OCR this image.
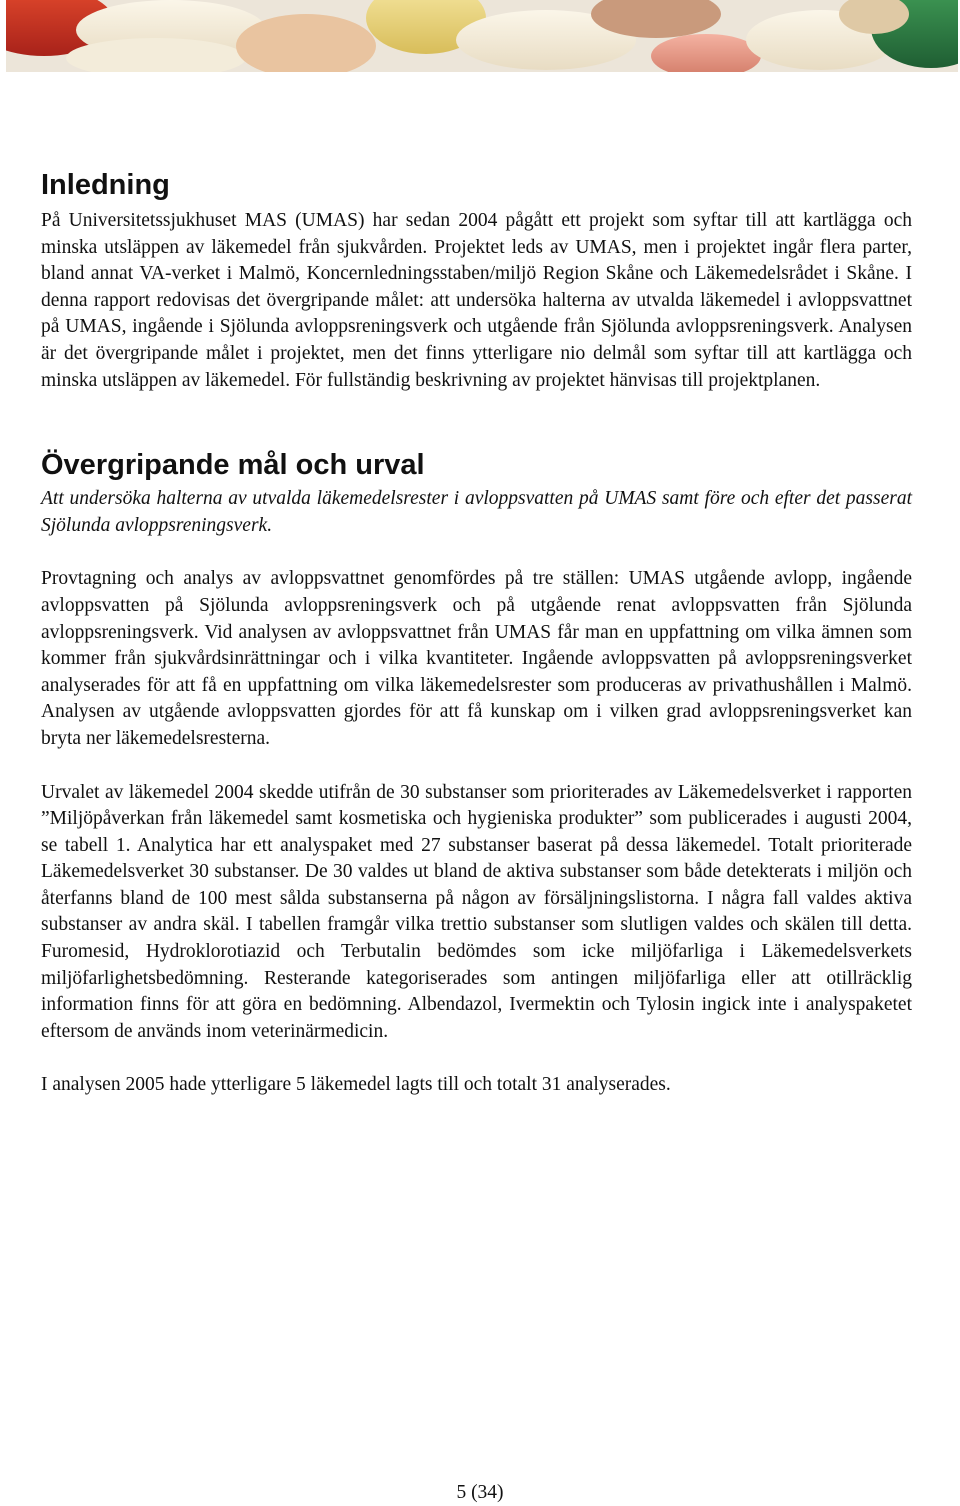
Inledning

På Universitetssjukhuset MAS (UMAS) har sedan 2004 pågått ett projekt som syftar till att kartlägga och minska utsläppen av läkemedel från sjukvården. Projektet leds av UMAS, men i projektet ingår flera parter, bland annat VA-verket i Malmö, Koncernledningsstaben/miljö Region Skåne och Läkemedelsrådet i Skåne. I denna rapport redovisas det övergripande målet: att undersöka halterna av utvalda läkemedel i avloppsvattnet på UMAS, ingående i Sjölunda avloppsreningsverk och utgående från Sjölunda avloppsreningsverk. Analysen är det övergripande målet i projektet, men det finns ytterligare nio delmål som syftar till att kartlägga och minska utsläppen av läkemedel. För fullständig beskrivning av projektet hänvisas till projektplanen.

Övergripande mål och urval

Att undersöka halterna av utvalda läkemedelsrester i avloppsvatten på UMAS samt före och efter det passerat Sjölunda avloppsreningsverk.

Provtagning och analys av avloppsvattnet genomfördes på tre ställen: UMAS utgående avlopp, ingående avloppsvatten på Sjölunda avloppsreningsverk och på utgående renat avloppsvatten från Sjölunda avloppsreningsverk. Vid analysen av avloppsvattnet från UMAS får man en uppfattning om vilka ämnen som kommer från sjukvårdsinrättningar och i vilka kvantiteter. Ingående avloppsvatten på avloppsreningsverket analyserades för att få en uppfattning om vilka läkemedelsrester som produceras av privathushållen i Malmö. Analysen av utgående avloppsvatten gjordes för att få kunskap om i vilken grad avloppsreningsverket kan bryta ner läkemedelsresterna.

Urvalet av läkemedel 2004 skedde utifrån de 30 substanser som prioriterades av Läkemedelsverket i rapporten ”Miljöpåverkan från läkemedel samt kosmetiska och hygieniska produkter” som publicerades i augusti 2004, se tabell 1. Analytica har ett analyspaket med 27 substanser baserat på dessa läkemedel. Totalt prioriterade Läkemedelsverket 30 substanser. De 30 valdes ut bland de aktiva substanser som både detekterats i miljön och återfanns bland de 100 mest sålda substanserna på någon av försäljningslistorna. I några fall valdes aktiva substanser av andra skäl. I tabellen framgår vilka trettio substanser som slutligen valdes och skälen till detta. Furomesid, Hydroklorotiazid och Terbutalin bedömdes som icke miljöfarliga i Läkemedelsverkets miljöfarlighetsbedömning. Resterande kategoriserades som antingen miljöfarliga eller att otillräcklig information finns för att göra en bedömning. Albendazol, Ivermektin och Tylosin ingick inte i analyspaketet eftersom de används inom veterinärmedicin.

I analysen 2005 hade ytterligare 5 läkemedel lagts till och totalt 31 analyserades.

5 (34)
